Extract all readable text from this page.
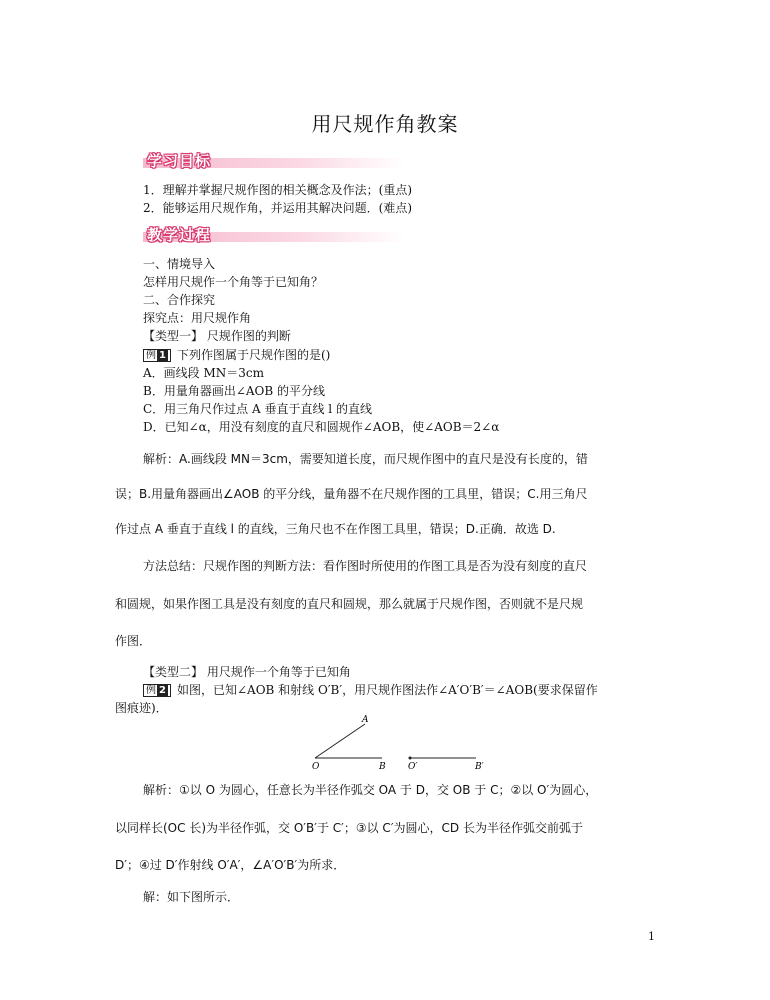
用尺规作角教案
学习目标
1．理解并掌握尺规作图的相关概念及作法；(重点)
2．能够运用尺规作角，并运用其解决问题．(难点)
教学过程
一、情境导入
怎样用尺规作一个角等于已知角？
二、合作探究
探究点：用尺规作角
【类型一】 尺规作图的判断
例 1 下列作图属于尺规作图的是()
A．画线段 MN＝3cm
B．用量角器画出∠AOB 的平分线
C．用三角尺作过点 A 垂直于直线 l 的直线
D．已知∠α，用没有刻度的直尺和圆规作∠AOB，使∠AOB＝2∠α
解析：A.画线段 MN＝3cm，需要知道长度，而尺规作图中的直尺是没有长度的，错
误；B.用量角器画出∠AOB 的平分线，量角器不在尺规作图的工具里，错误；C.用三角尺
作过点 A 垂直于直线 l 的直线，三角尺也不在作图工具里，错误；D.正确．故选 D.
方法总结：尺规作图的判断方法：看作图时所使用的作图工具是否为没有刻度的直尺
和圆规，如果作图工具是没有刻度的直尺和圆规，那么就属于尺规作图，否则就不是尺规
作图．
【类型二】 用尺规作一个角等于已知角
例 2 如图，已知∠AOB 和射线 O′B′，用尺规作图法作∠A′O′B′＝∠AOB(要求保留作
图痕迹)．
A
O	B O′	B′
解析：①以 O 为圆心，任意长为半径作弧交 OA 于 D，交 OB 于 C；②以 O′为圆心，
以同样长(OC 长)为半径作弧，交 O′B′于 C′；③以 C′为圆心，CD 长为半径作弧交前弧于
D′；④过 D′作射线 O′A′，∠A′O′B′为所求．
解：如下图所示．
1
